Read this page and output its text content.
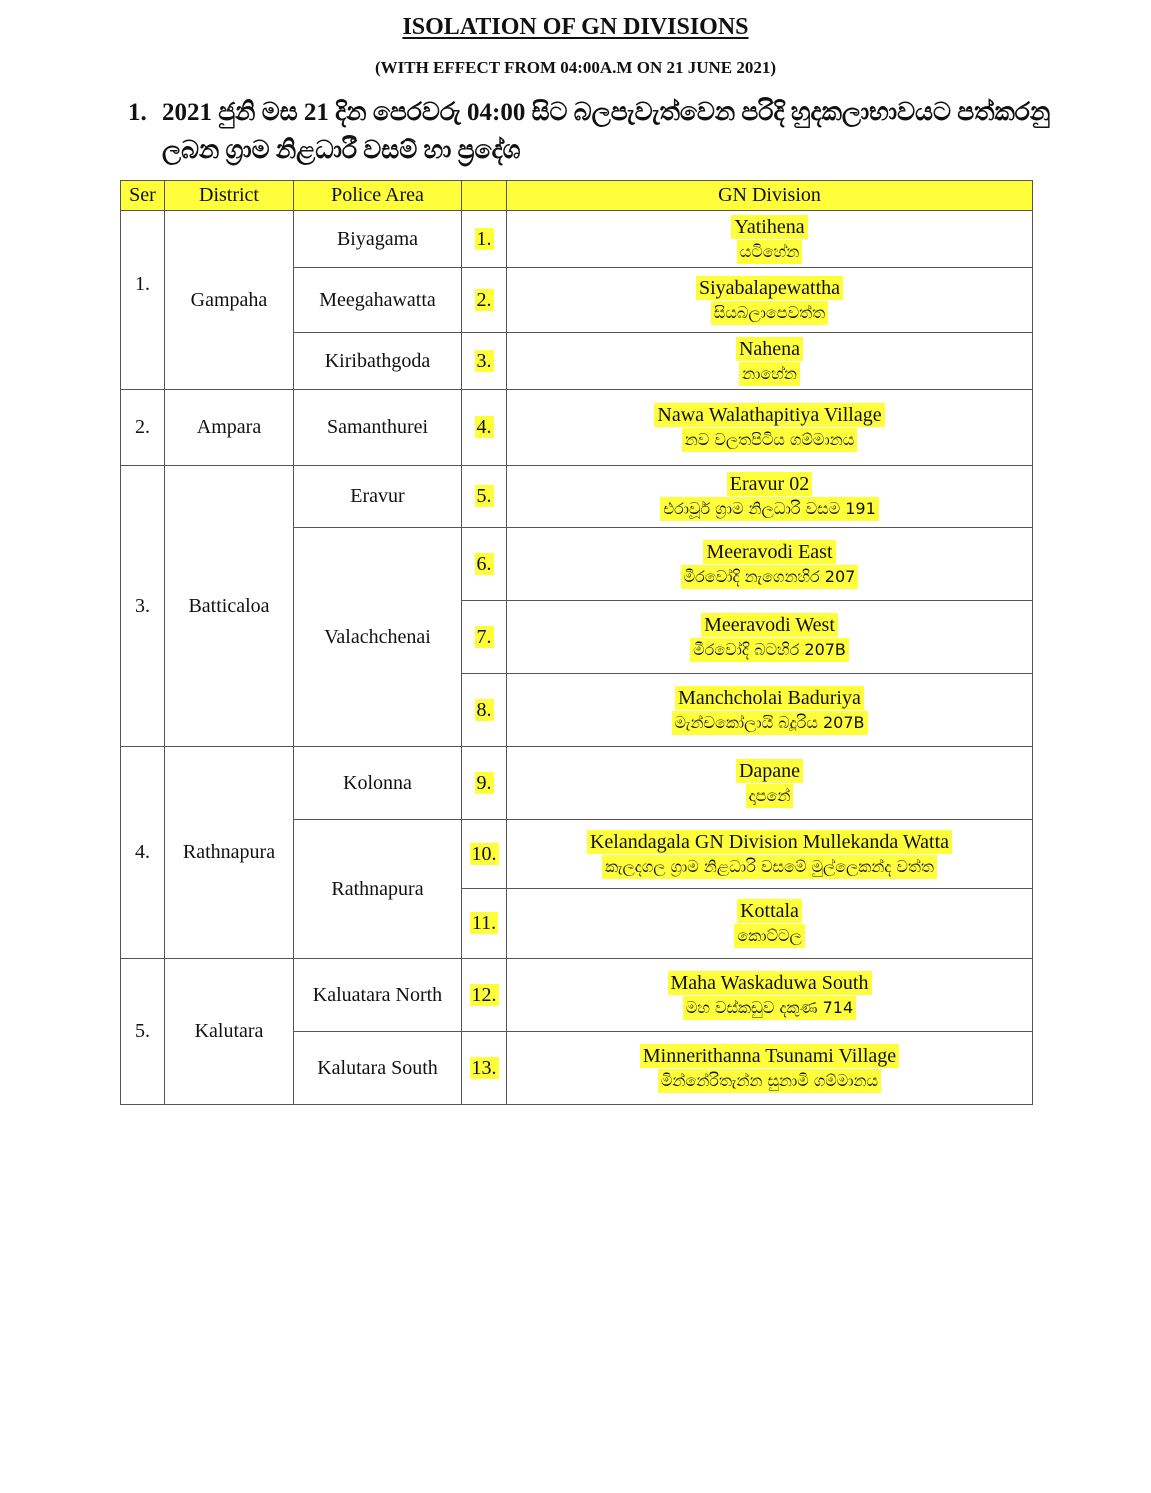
ISOLATION OF GN DIVISIONS
(WITH EFFECT FROM 04:00A.M ON 21 JUNE 2021)
1. 2021 ජුනි මස 21 දින පෙරවරු 04:00 සිට බලපැවැත්වෙන පරිදි හුදකලාභාවයට පත්කරනු
ලබන ග්‍රාම නිළධාරී වසම් හා ප්‍රදේශ
Ser	District	Police Area		GN Division
1.	Gampaha	Biyagama	1.	Yatihena
යටිහේන
		Meegahawatta	2.	Siyabalapewattha
සියබලාපෙවත්ත
		Kiribathgoda	3.	Nahena
නාහේන
2.	Ampara	Samanthurei	4.	Nawa Walathapitiya Village
නව වලතපිටිය ගම්මානය
3.	Batticaloa	Eravur	5.	Eravur 02
එරාවූර් ග්‍රාම නිලධාරි වසම 191
		Valachchenai	6.	Meeravodi East
මීරවෝදි නැගෙනහිර 207
			7.	Meeravodi West
මීරවෝදි බටහිර 207B
			8.	Manchcholai Baduriya
මැන්චකෝලායි බදූරිය 207B
4.	Rathnapura	Kolonna	9.	Dapane
දාපනේ
		Rathnapura	10.	Kelandagala GN Division Mullekanda Watta
කැලදගල ග්‍රාම නිළධාරි වසමේ මුල්ලෙකන්ද වත්ත
			11.	Kottala
කොට්ටල
5.	Kalutara	Kaluatara North	12.	Maha Waskaduwa South
මහ වස්කඩුව දකුණ 714
		Kalutara South	13.	Minnerithanna Tsunami Village
මින්නේරිතැන්න සුනාමි ගම්මානය
